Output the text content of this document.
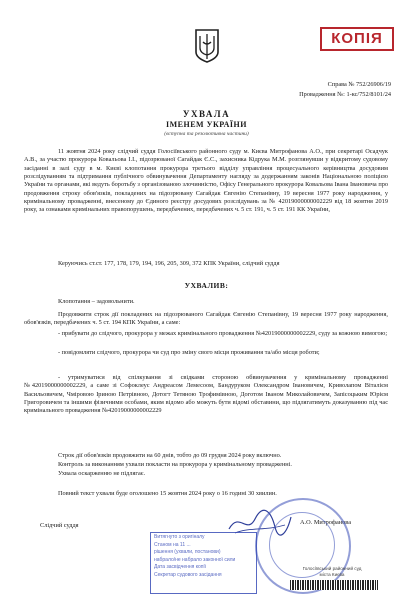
КОПІЯ
Справа № 752/26906/19
Провадження №: 1-кс/752/8101/24
УХВАЛА
ІМЕНЕМ УКРАЇНИ
(вступна та резолютивна частини)
11 жовтня 2024 року слідчий суддя Голосіївського районного суду м. Києва Митрофанова А.О., при секретарі Осадчук А.В., за участю прокурора Ковальова І.І., підозрюваної Сагайдак Є.С., захисника Кідрука М.М. розглянувши у відкритому судовому засіданні в залі суду в м. Києві клопотання прокурора третього відділу управління процесуального керівництва досудовим розслідуванням та підтримання публічного обвинувачення Департаменту нагляду за додержанням законів Національною поліцією України та органами, які ведуть боротьбу з організованою злочинністю, Офісу Генерального прокурора Ковальова Івана Івановича про продовження строку обов'язків, покладених на підозрювану Сагайдак Євгенію Степанівну, 19 вересня 1977 року народження, у кримінальному провадженні, внесеному до Єдиного реєстру досудових розслідувань за № 42019000000002229 від 18 жовтня 2019 року, за ознаками кримінальних правопорушень, передбачених, передбачених ч. 5 ст. 191, ч. 5 ст. 191 КК України,
Керуючись ст.ст. 177, 178, 179, 194, 196, 205, 309, 372 КПК України, слідчий суддя
УХВАЛИВ:
Клопотання – задовольнити.
Продовжити строк дії покладених на підозрюваного Сагайдак Євгенію Степанівну, 19 вересня 1977 року народження, обов'язків, передбачених ч. 5 ст. 194 КПК України, а саме:
- прибувати до слідчого, прокурора у межах кримінального провадження №42019000000002229, суду за кожною вимогою;
- повідомляти слідчого, прокурора чи суд про зміну свого місця проживання та/або місця роботи;
- утримуватися від спілкування зі свідками стороною обвинувачення у кримінальному провадженні №42019000000002229, а саме зі Софоклеус Андреасом Лемесоом, Бандуруком Олександром Івановичем, Криволапом Віталієм Васильовичем, Чміровою Іриною Петрівною, Дотогт Тетяною Трофимівною, Доготом Іваном Миколайовичем, Запісоцьким Юрієм Григоровичем та іншими фізичними особами, яким відомо або можуть бути відомі обставини, що підлягатимуть доказуванню під час кримінального провадження №42019000000002229
Строк дії обов'язків продовжити на 60 днів, тобто до 09 грудня 2024 року включно.
Контроль за виконанням ухвали покласти на прокурора у кримінальному провадженні.
Ухвала оскарженню не підлягає.
Повний текст ухвали буде оголошено 15 жовтня 2024 року о 16 годині 30 хвилин.
Слідчий суддя	А.О. Митрофанова
Витягнуто з оригіналу
Станом на 11 ...
рішення (ухвали, постанови)
набрало/не набрало законної сили
Дата засвідчення копії
Секретар судового засідання
Голосіївський районний суд
міста Києва
